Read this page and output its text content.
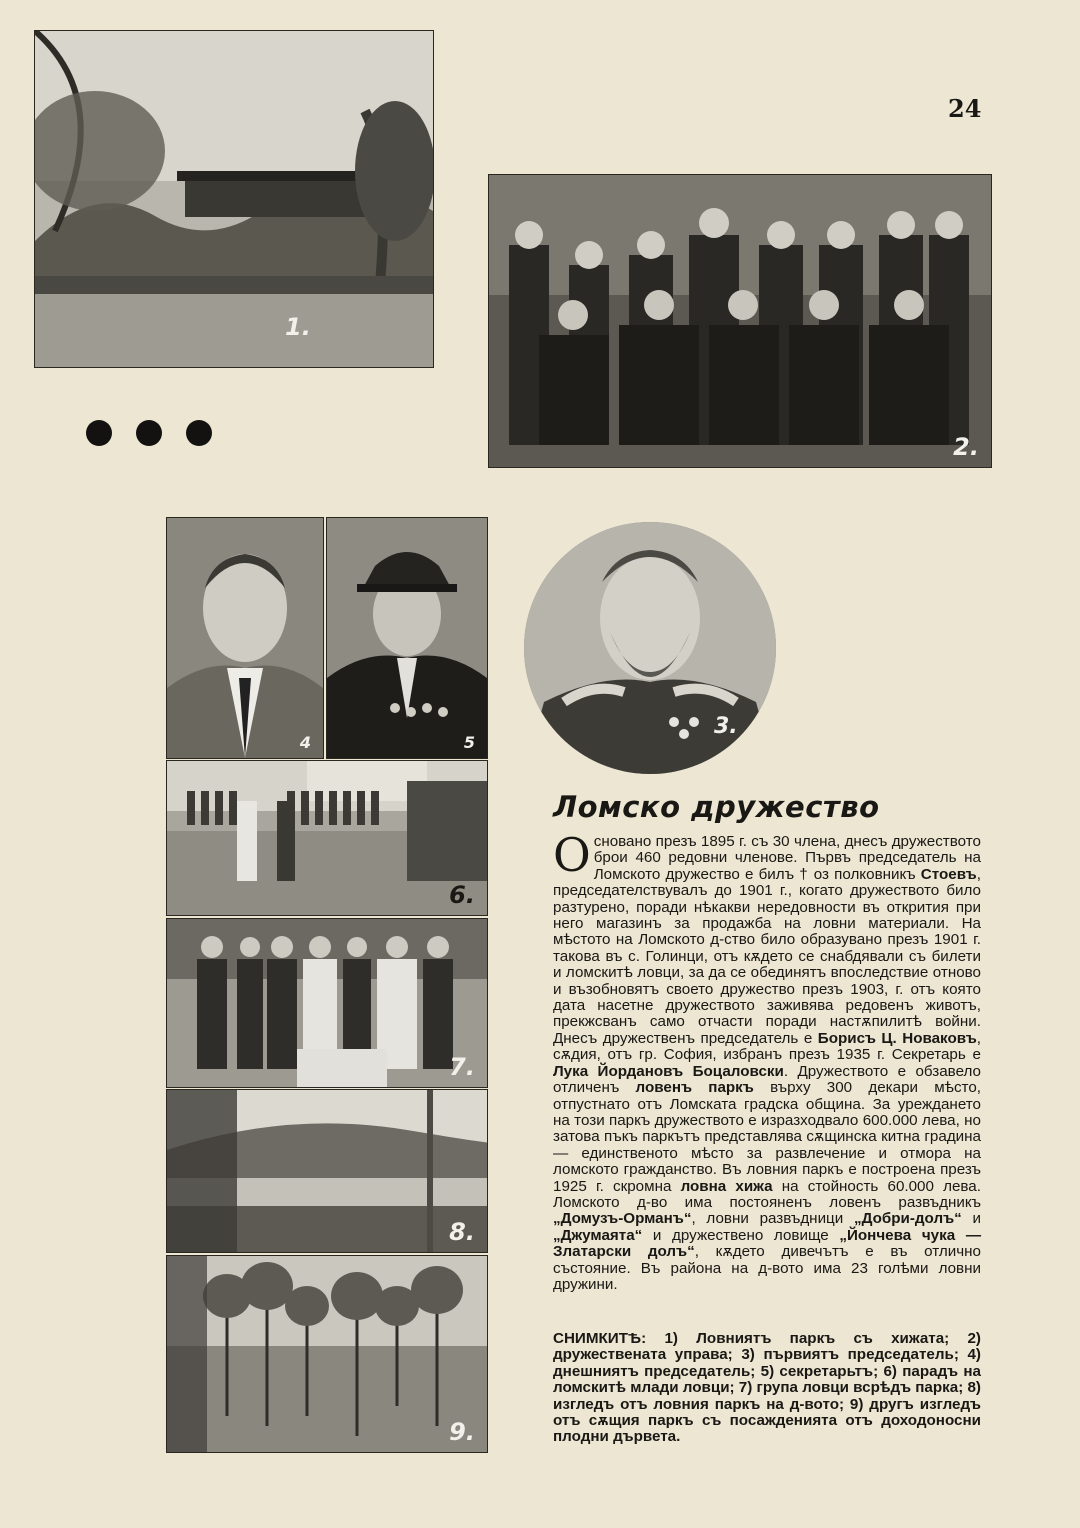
24
1.
2.
4	5
6.
7.
8.
9.
3.
Ломско дружество

Основано презъ 1895 г. съ 30 члена, днесъ дружеството брои 460 редовни членове. Първъ председатель на Ломското дружество е билъ † оз полковникъ Стоевъ, председателствувалъ до 1901 г., когато дружеството било разтурено, поради нѣкакви нередовности въ открития при него магазинъ за продажба на ловни материали. На мѣстото на Ломското д-ство било образувано презъ 1901 г. такова въ с. Голинци, отъ кѫдето се снабдявали съ билети и ломскитѣ ловци, за да се обединятъ впоследствие отново и възобновятъ своето дружество презъ 1903, г. отъ която дата насетне дружеството заживява редовенъ животъ, прекжсванъ само отчасти поради настѫпилитѣ войни. Днесъ дружественъ председатель е Борисъ Ц. Новаковъ, сѫдия, отъ гр. София, избранъ презъ 1935 г. Секретарь е Лука Йордановъ Боцаловски. Дружеството е обзавело отличенъ ловенъ паркъ върху 300 декари мѣсто, отпустнато отъ Ломската градска община. За уреждането на този паркъ дружеството е изразходвало 600.000 лева, но затова пъкъ паркътъ представлява сѫщинска китна градина — единственото мѣсто за развлечение и отмора на ломското гражданство. Въ ловния паркъ е построена презъ 1925 г. скромна ловна хижа на стойность 60.000 лева. Ломското д-во има постояненъ ловенъ развъдникъ „Домузъ-Орманъ“, ловни развъдници „Добри-долъ“ и „Джумаята“ и дружествено ловище „Йончева чука — Златарски долъ“, кѫдето дивечътъ е въ отлично състояние. Въ района на д-вото има 23 голѣми ловни дружини.

СНИМКИТѢ: 1) Ловниятъ паркъ съ хижата; 2) дружествената управа; 3) първиятъ председатель; 4) днешниятъ председатель; 5) секретарьтъ; 6) парадъ на ломскитѣ млади ловци; 7) група ловци всрѣдъ парка; 8) изгледъ отъ ловния паркъ на д-вото; 9) другъ изгледъ отъ сѫщия паркъ съ посажденията отъ доходоносни плодни дървета.
